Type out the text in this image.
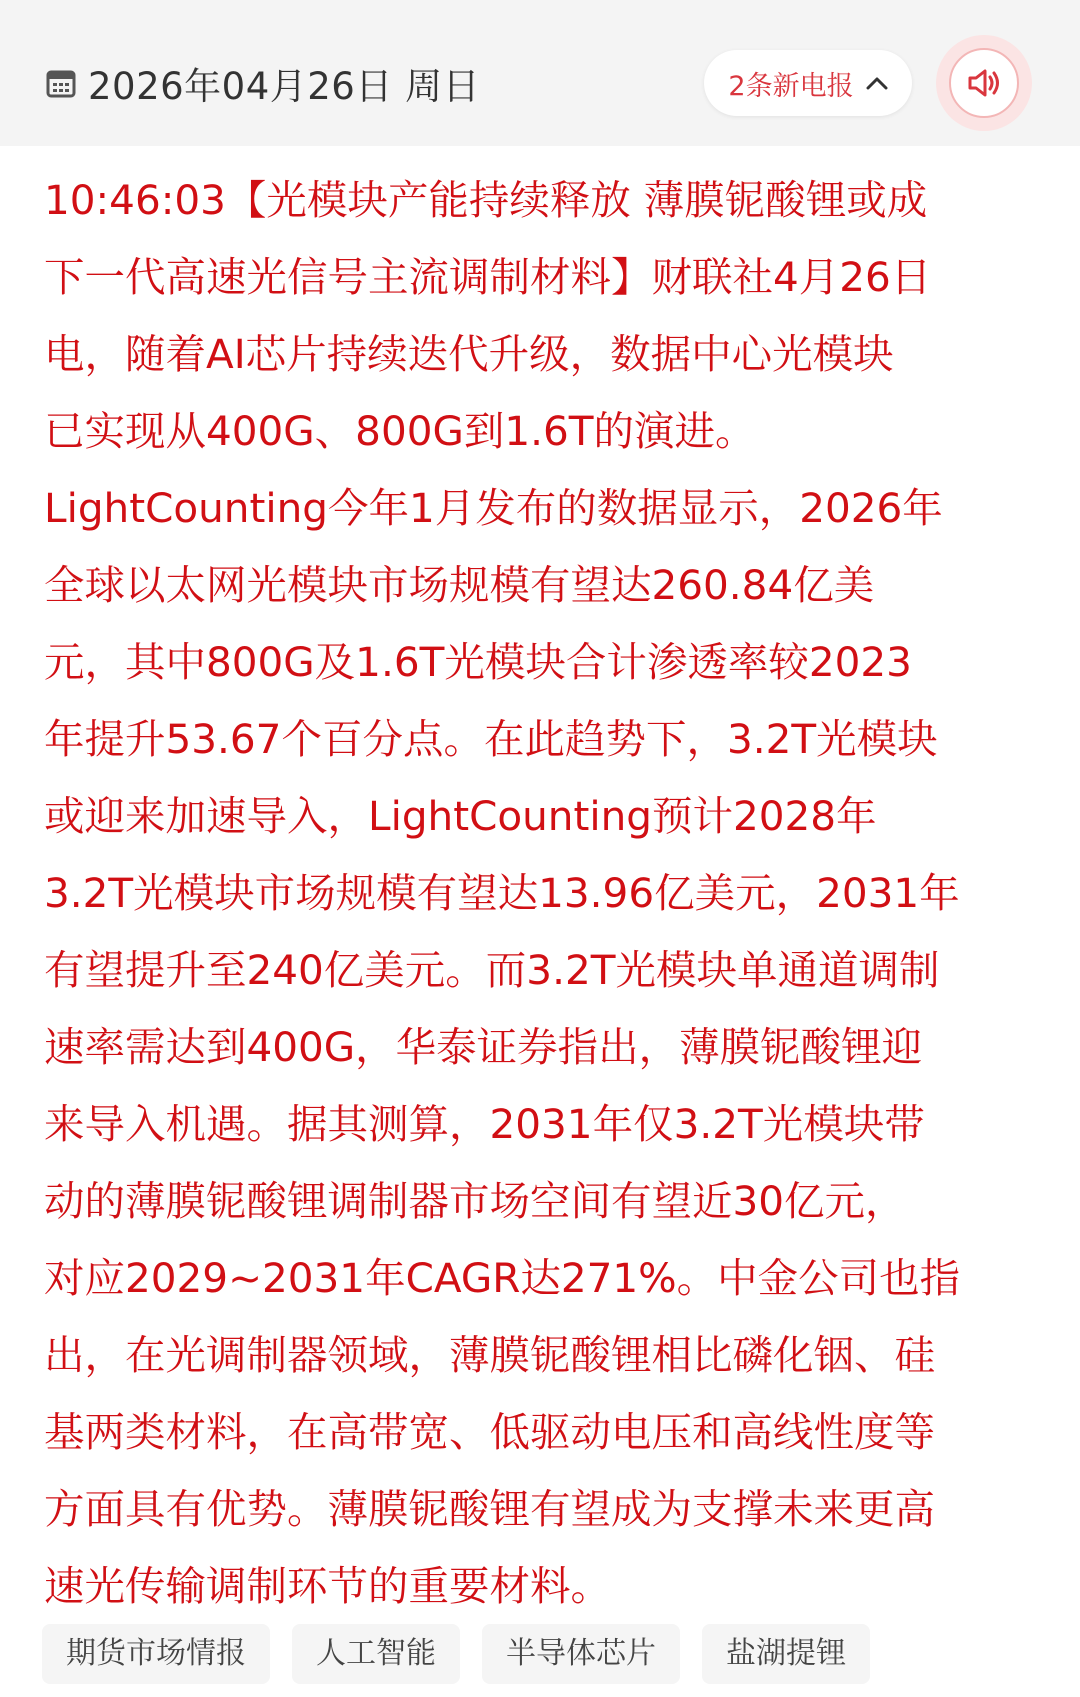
2026年04月26日 周日	2条新电报
10:46:03【光模块产能持续释放 薄膜铌酸锂或成
下一代高速光信号主流调制材料】财联社4月26日
电，随着AI芯片持续迭代升级，数据中心光模块
已实现从400G、800G到1.6T的演进。
LightCounting今年1月发布的数据显示，2026年
全球以太网光模块市场规模有望达260.84亿美
元，其中800G及1.6T光模块合计渗透率较2023
年提升53.67个百分点。在此趋势下，3.2T光模块
或迎来加速导入，LightCounting预计2028年
3.2T光模块市场规模有望达13.96亿美元，2031年
有望提升至240亿美元。而3.2T光模块单通道调制
速率需达到400G，华泰证券指出，薄膜铌酸锂迎
来导入机遇。据其测算，2031年仅3.2T光模块带
动的薄膜铌酸锂调制器市场空间有望近30亿元，
对应2029~2031年CAGR达271%。中金公司也指
出，在光调制器领域，薄膜铌酸锂相比磷化铟、硅
基两类材料，在高带宽、低驱动电压和高线性度等
方面具有优势。薄膜铌酸锂有望成为支撑未来更高
速光传输调制环节的重要材料。
期货市场情报	人工智能	半导体芯片	盐湖提锂
